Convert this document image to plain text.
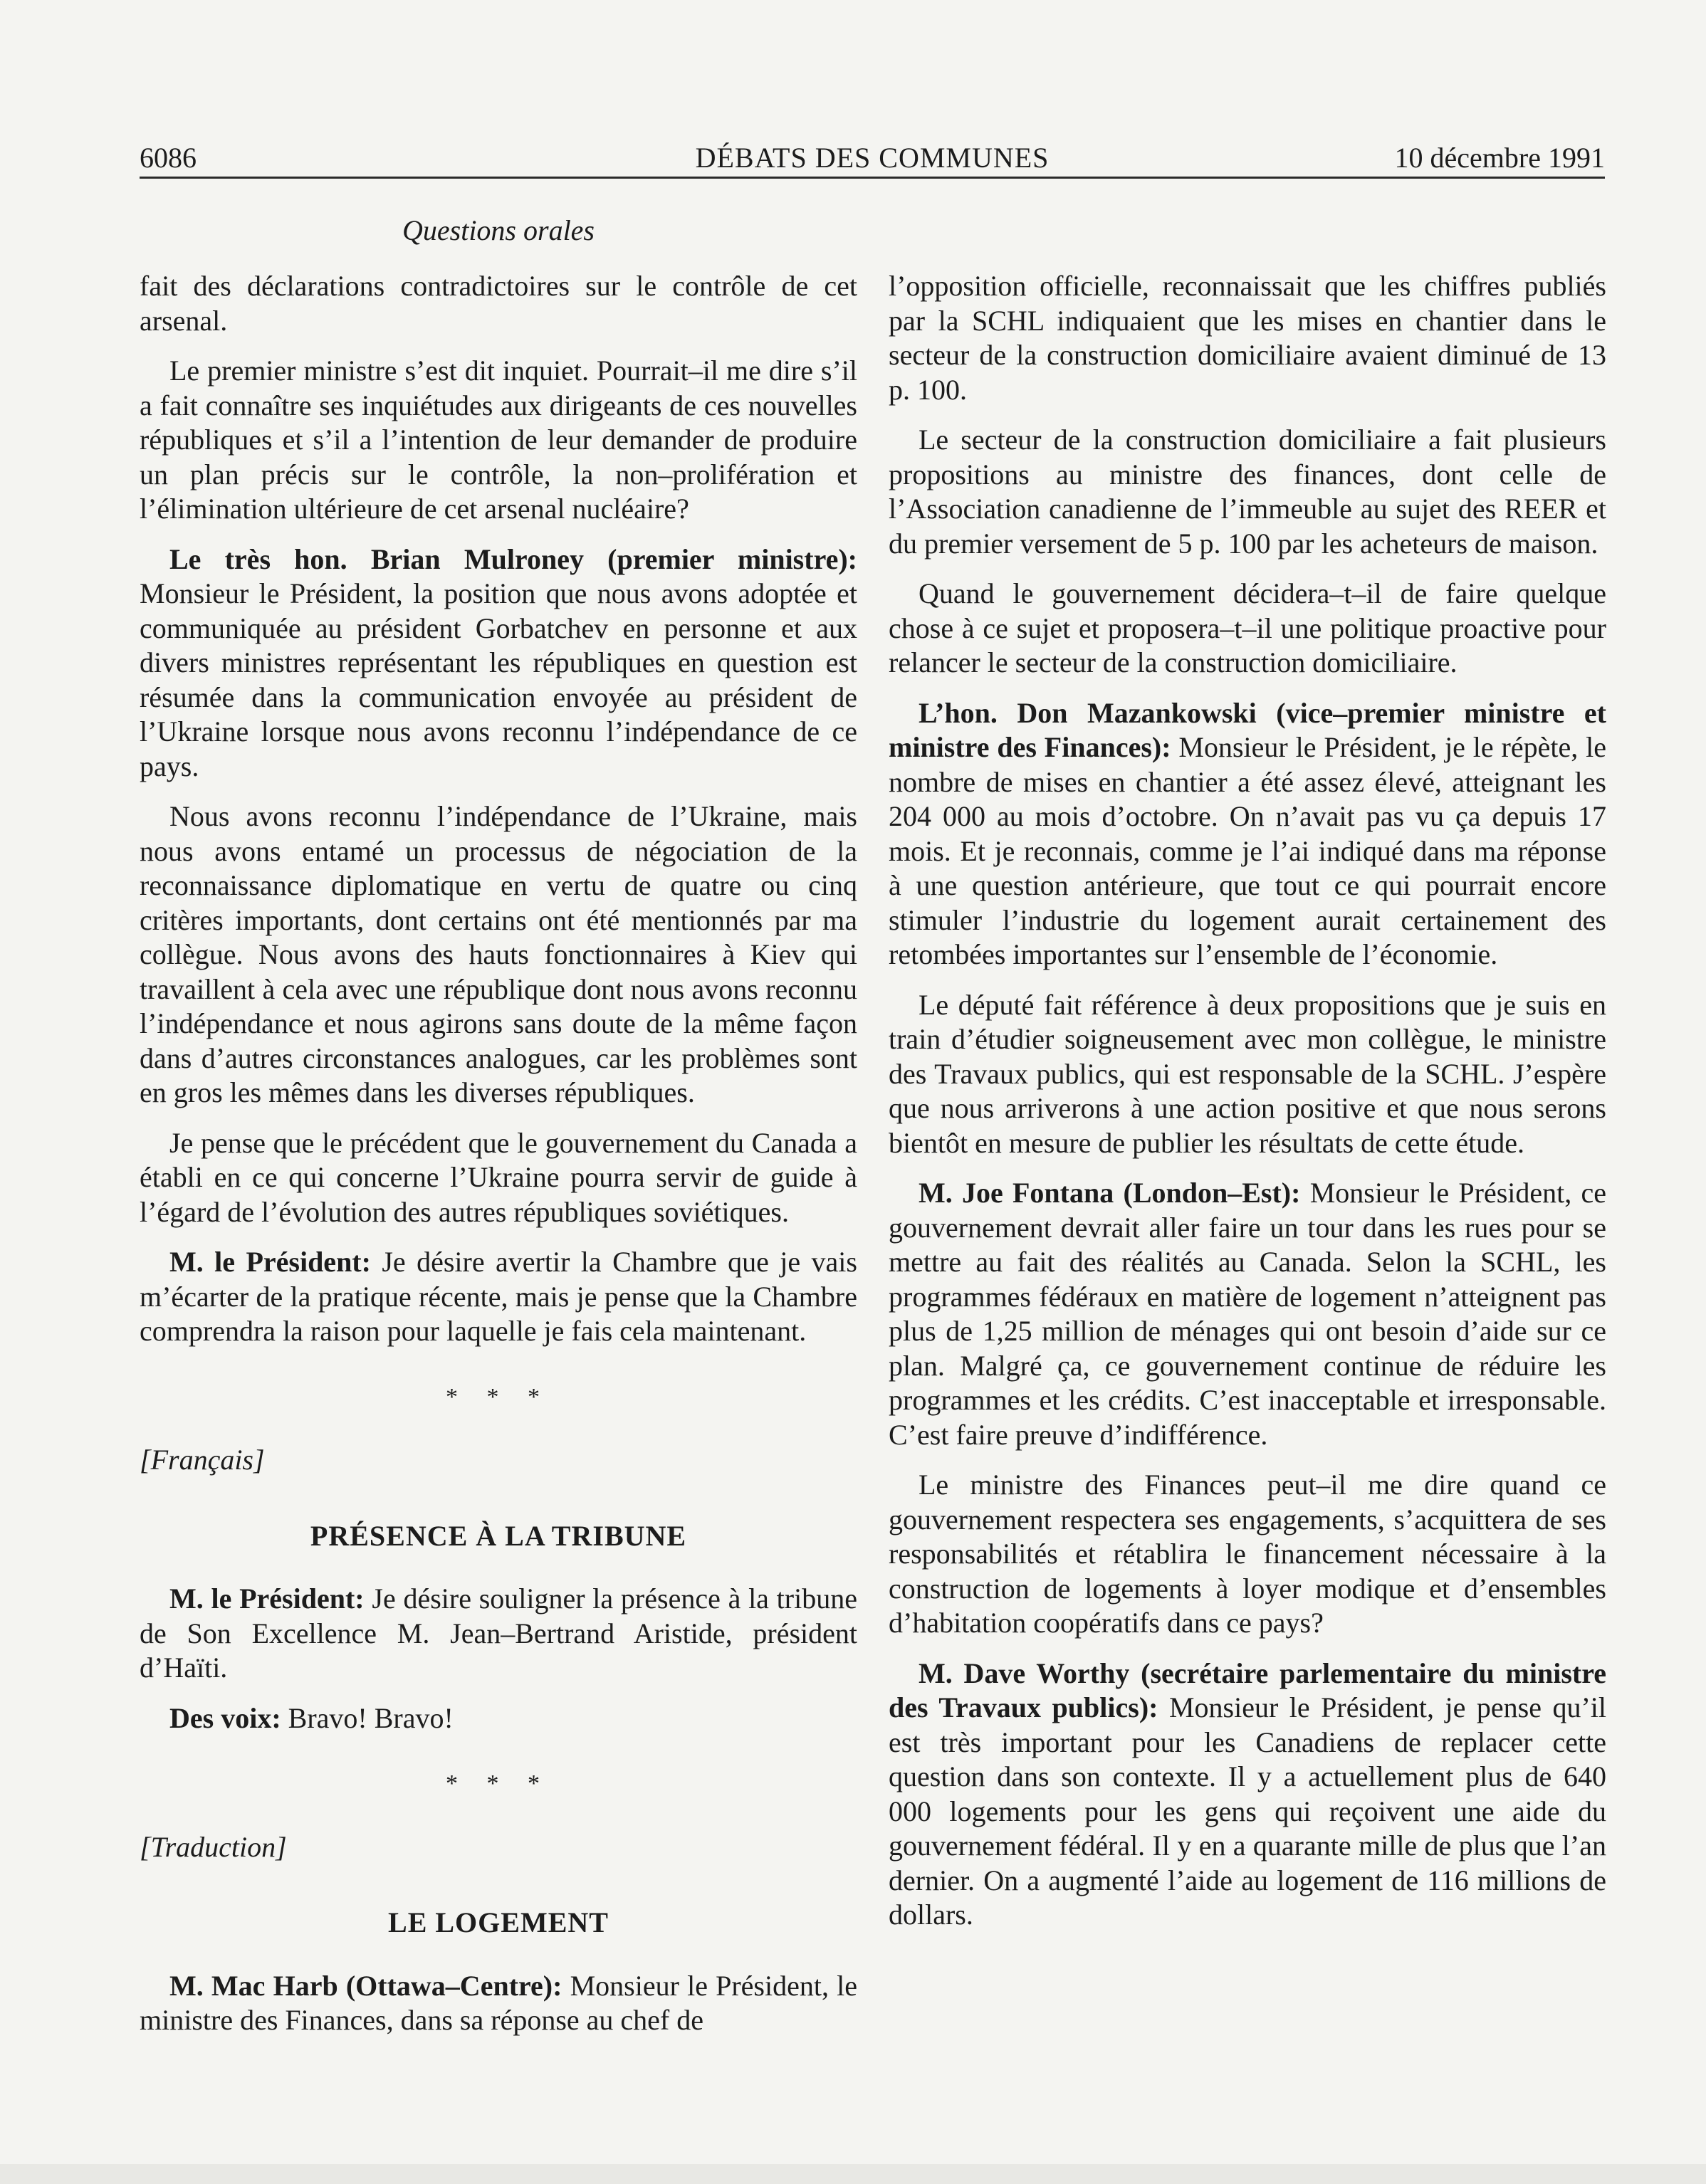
6086	DÉBATS DES COMMUNES	10 décembre 1991
Questions orales

fait des déclarations contradictoires sur le contrôle de cet arsenal.

Le premier ministre s’est dit inquiet. Pourrait–il me dire s’il a fait connaître ses inquiétudes aux dirigeants de ces nouvelles républiques et s’il a l’intention de leur demander de produire un plan précis sur le contrôle, la non–prolifération et l’élimination ultérieure de cet arsenal nucléaire?

Le très hon. Brian Mulroney (premier ministre): Monsieur le Président, la position que nous avons adoptée et communiquée au président Gorbatchev en personne et aux divers ministres représentant les républiques en question est résumée dans la communication envoyée au président de l’Ukraine lorsque nous avons reconnu l’indépendance de ce pays.

Nous avons reconnu l’indépendance de l’Ukraine, mais nous avons entamé un processus de négociation de la reconnaissance diplomatique en vertu de quatre ou cinq critères importants, dont certains ont été mentionnés par ma collègue. Nous avons des hauts fonctionnaires à Kiev qui travaillent à cela avec une république dont nous avons reconnu l’indépendance et nous agirons sans doute de la même façon dans d’autres circonstances analogues, car les problèmes sont en gros les mêmes dans les diverses républiques.

Je pense que le précédent que le gouvernement du Canada a établi en ce qui concerne l’Ukraine pourra servir de guide à l’égard de l’évolution des autres républiques soviétiques.

M. le Président: Je désire avertir la Chambre que je vais m’écarter de la pratique récente, mais je pense que la Chambre comprendra la raison pour laquelle je fais cela maintenant.

* * *
[Français]
PRÉSENCE À LA TRIBUNE

M. le Président: Je désire souligner la présence à la tribune de Son Excellence M. Jean–Bertrand Aristide, président d’Haïti.

Des voix: Bravo! Bravo!

* * *
[Traduction]
LE LOGEMENT

M. Mac Harb (Ottawa–Centre): Monsieur le Président, le ministre des Finances, dans sa réponse au chef de

l’opposition officielle, reconnaissait que les chiffres publiés par la SCHL indiquaient que les mises en chantier dans le secteur de la construction domiciliaire avaient diminué de 13 p. 100.

Le secteur de la construction domiciliaire a fait plusieurs propositions au ministre des finances, dont celle de l’Association canadienne de l’immeuble au sujet des REER et du premier versement de 5 p. 100 par les acheteurs de maison.

Quand le gouvernement décidera–t–il de faire quelque chose à ce sujet et proposera–t–il une politique proactive pour relancer le secteur de la construction domiciliaire.

L’hon. Don Mazankowski (vice–premier ministre et ministre des Finances): Monsieur le Président, je le répète, le nombre de mises en chantier a été assez élevé, atteignant les 204 000 au mois d’octobre. On n’avait pas vu ça depuis 17 mois. Et je reconnais, comme je l’ai indiqué dans ma réponse à une question antérieure, que tout ce qui pourrait encore stimuler l’industrie du logement aurait certainement des retombées importantes sur l’ensemble de l’économie.

Le député fait référence à deux propositions que je suis en train d’étudier soigneusement avec mon collègue, le ministre des Travaux publics, qui est responsable de la SCHL. J’espère que nous arriverons à une action positive et que nous serons bientôt en mesure de publier les résultats de cette étude.

M. Joe Fontana (London–Est): Monsieur le Président, ce gouvernement devrait aller faire un tour dans les rues pour se mettre au fait des réalités au Canada. Selon la SCHL, les programmes fédéraux en matière de logement n’atteignent pas plus de 1,25 million de ménages qui ont besoin d’aide sur ce plan. Malgré ça, ce gouvernement continue de réduire les programmes et les crédits. C’est inacceptable et irresponsable. C’est faire preuve d’indifférence.

Le ministre des Finances peut–il me dire quand ce gouvernement respectera ses engagements, s’acquittera de ses responsabilités et rétablira le financement nécessaire à la construction de logements à loyer modique et d’ensembles d’habitation coopératifs dans ce pays?

M. Dave Worthy (secrétaire parlementaire du ministre des Travaux publics): Monsieur le Président, je pense qu’il est très important pour les Canadiens de replacer cette question dans son contexte. Il y a actuellement plus de 640 000 logements pour les gens qui reçoivent une aide du gouvernement fédéral. Il y en a quarante mille de plus que l’an dernier. On a augmenté l’aide au logement de 116 millions de dollars.
